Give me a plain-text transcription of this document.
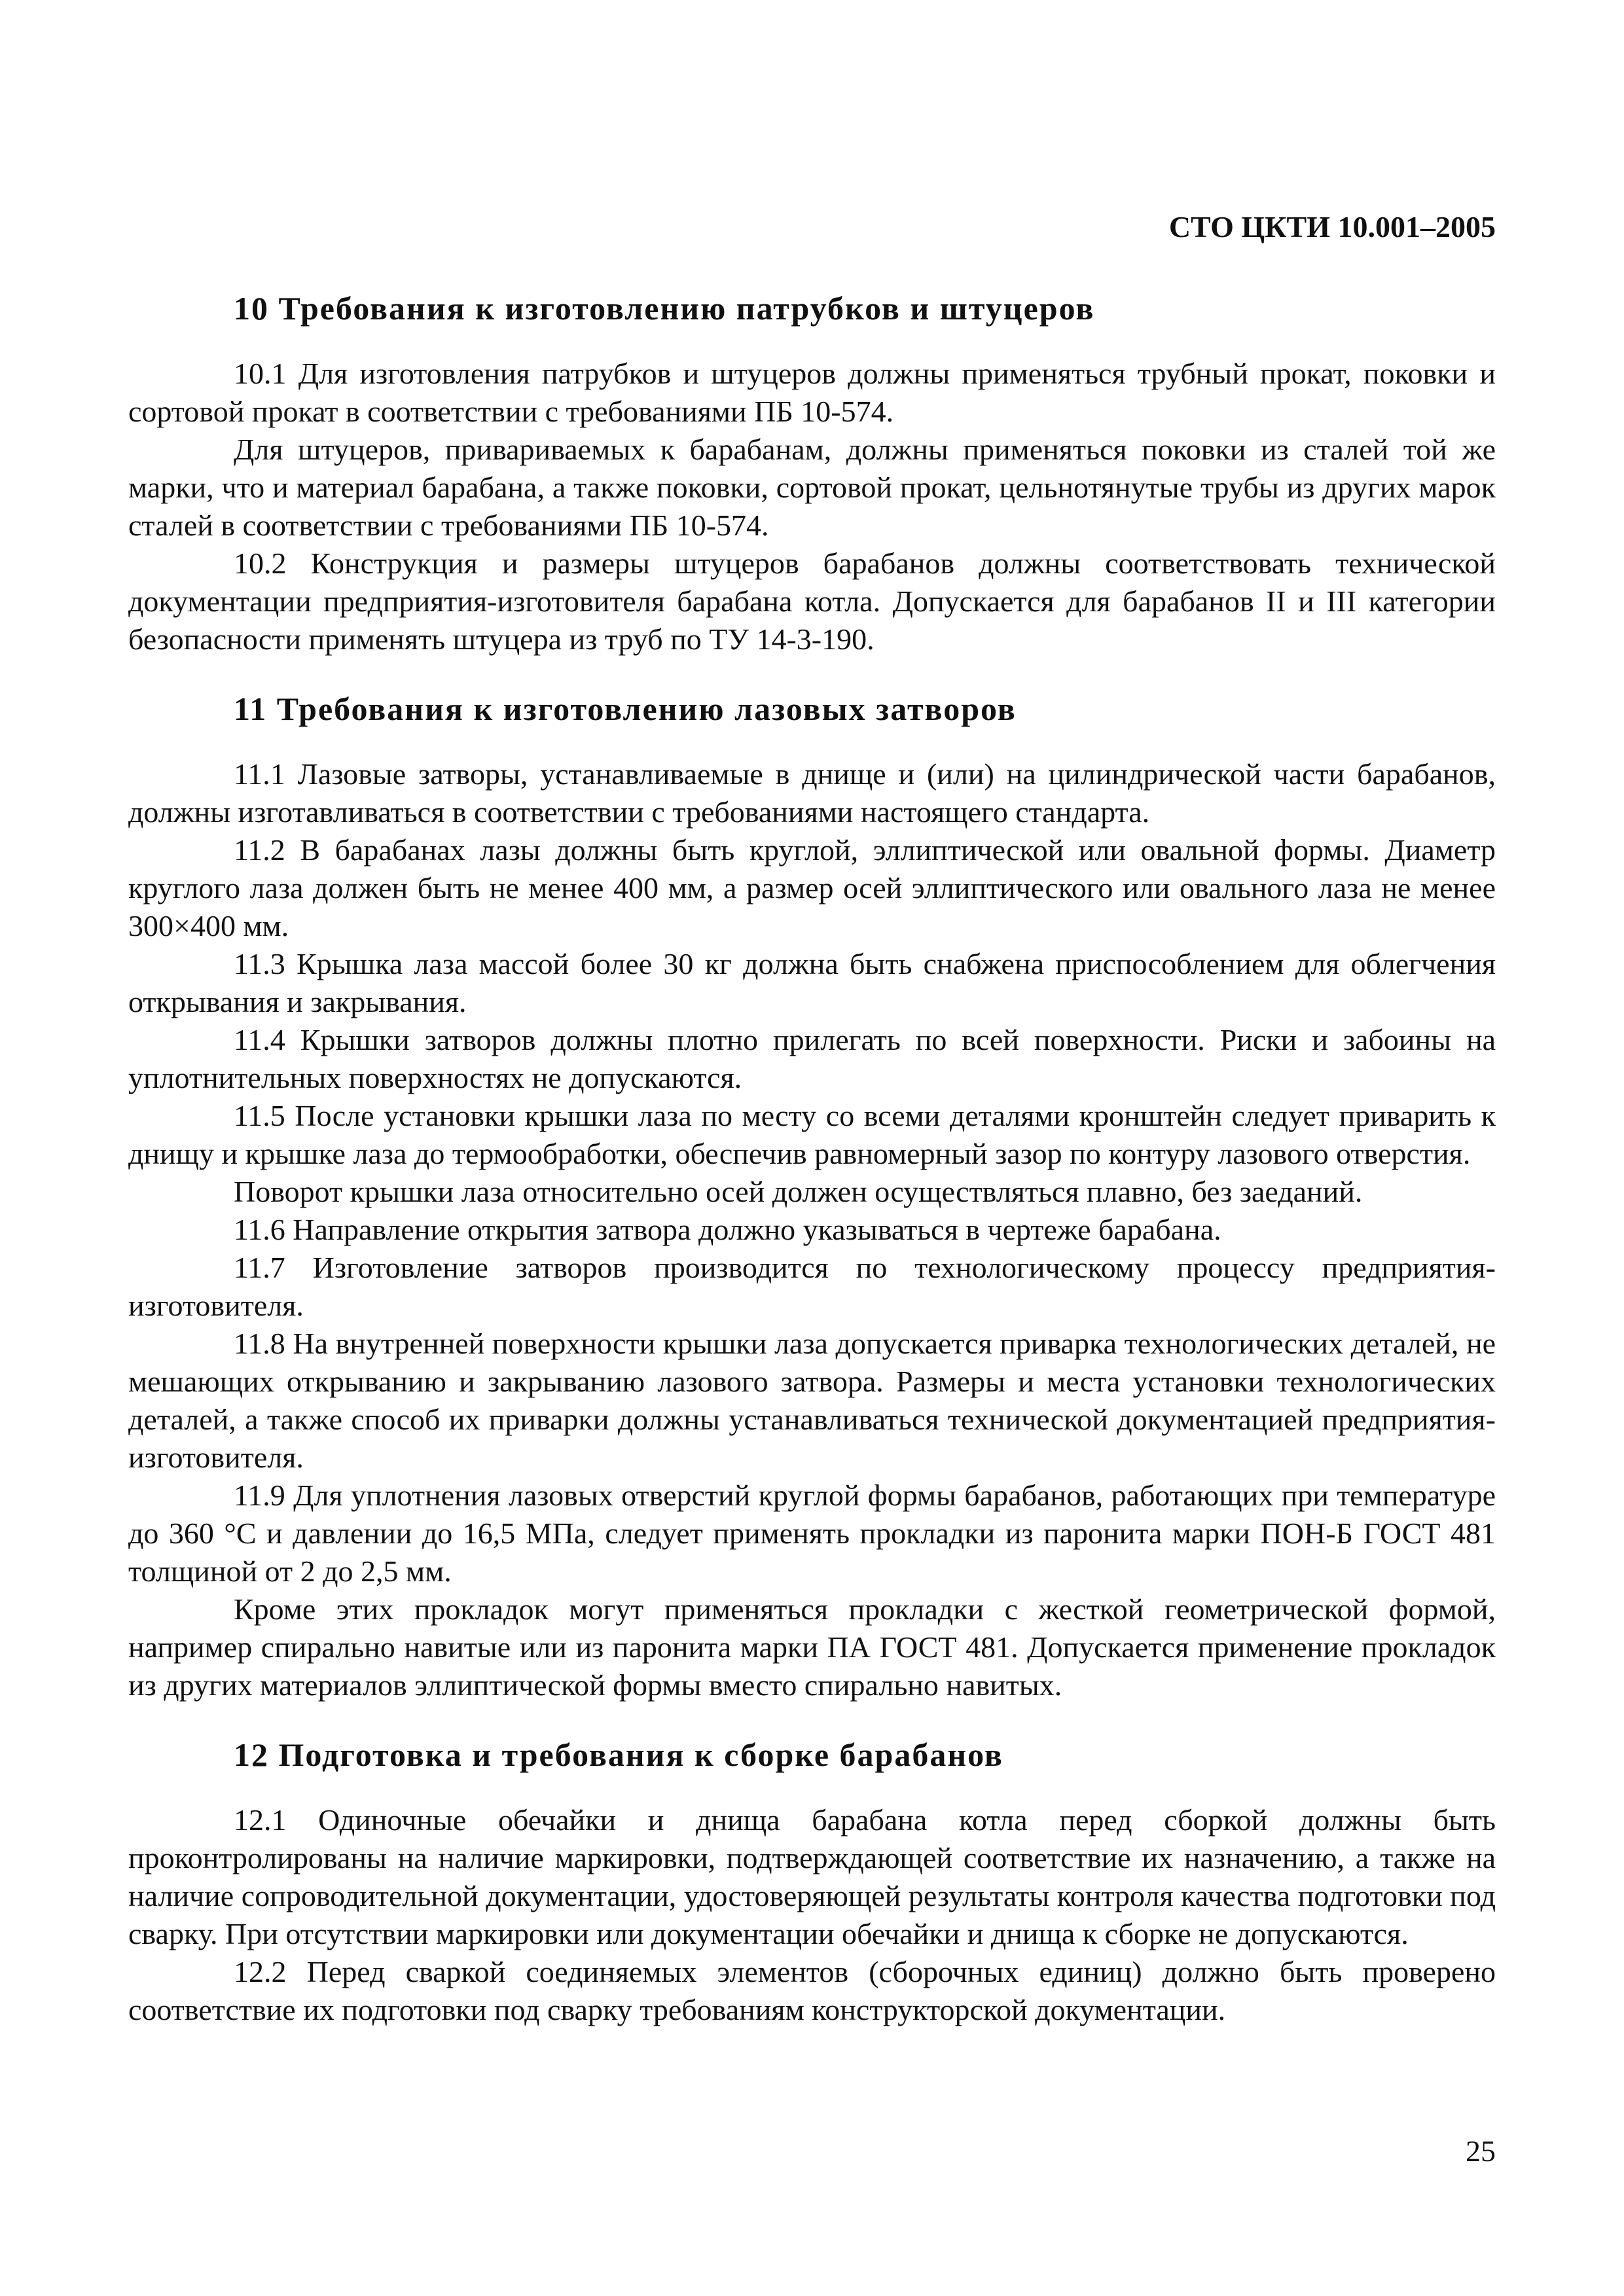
СТО ЦКТИ 10.001–2005

10 Требования к изготовлению патрубков и штуцеров

10.1 Для изготовления патрубков и штуцеров должны применяться трубный прокат, поковки и сортовой прокат в соответствии с требованиями ПБ 10-574.

Для штуцеров, привариваемых к барабанам, должны применяться поковки из сталей той же марки, что и материал барабана, а также поковки, сортовой прокат, цельнотянутые трубы из других марок сталей в соответствии с требованиями ПБ 10-574.

10.2 Конструкция и размеры штуцеров барабанов должны соответствовать технической документации предприятия-изготовителя барабана котла. Допускается для барабанов II и III категории безопасности применять штуцера из труб по ТУ 14-3-190.

11 Требования к изготовлению лазовых затворов

11.1 Лазовые затворы, устанавливаемые в днище и (или) на цилиндрической части барабанов, должны изготавливаться в соответствии с требованиями настоящего стандарта.

11.2 В барабанах лазы должны быть круглой, эллиптической или овальной формы. Диаметр круглого лаза должен быть не менее 400 мм, а размер осей эллиптического или овального лаза не менее 300×400 мм.

11.3 Крышка лаза массой более 30 кг должна быть снабжена приспособлением для облегчения открывания и закрывания.

11.4 Крышки затворов должны плотно прилегать по всей поверхности. Риски и забоины на уплотнительных поверхностях не допускаются.

11.5 После установки крышки лаза по месту со всеми деталями кронштейн следует приварить к днищу и крышке лаза до термообработки, обеспечив равномерный зазор по контуру лазового отверстия.

Поворот крышки лаза относительно осей должен осуществляться плавно, без заеданий.

11.6 Направление открытия затвора должно указываться в чертеже барабана.

11.7 Изготовление затворов производится по технологическому процессу предприятия-изготовителя.

11.8 На внутренней поверхности крышки лаза допускается приварка технологических деталей, не мешающих открыванию и закрыванию лазового затвора. Размеры и места установки технологических деталей, а также способ их приварки должны устанавливаться технической документацией предприятия-изготовителя.

11.9 Для уплотнения лазовых отверстий круглой формы барабанов, работающих при температуре до 360 °С и давлении до 16,5 МПа, следует применять прокладки из паронита марки ПОН-Б ГОСТ 481 толщиной от 2 до 2,5 мм.

Кроме этих прокладок могут применяться прокладки с жесткой геометрической формой, например спирально навитые или из паронита марки ПА ГОСТ 481. Допускается применение прокладок из других материалов эллиптической формы вместо спирально навитых.

12 Подготовка и требования к сборке барабанов

12.1 Одиночные обечайки и днища барабана котла перед сборкой должны быть проконтролированы на наличие маркировки, подтверждающей соответствие их назначению, а также на наличие сопроводительной документации, удостоверяющей результаты контроля качества подготовки под сварку. При отсутствии маркировки или документации обечайки и днища к сборке не допускаются.

12.2 Перед сваркой соединяемых элементов (сборочных единиц) должно быть проверено соответствие их подготовки под сварку требованиям конструкторской документации.

25
